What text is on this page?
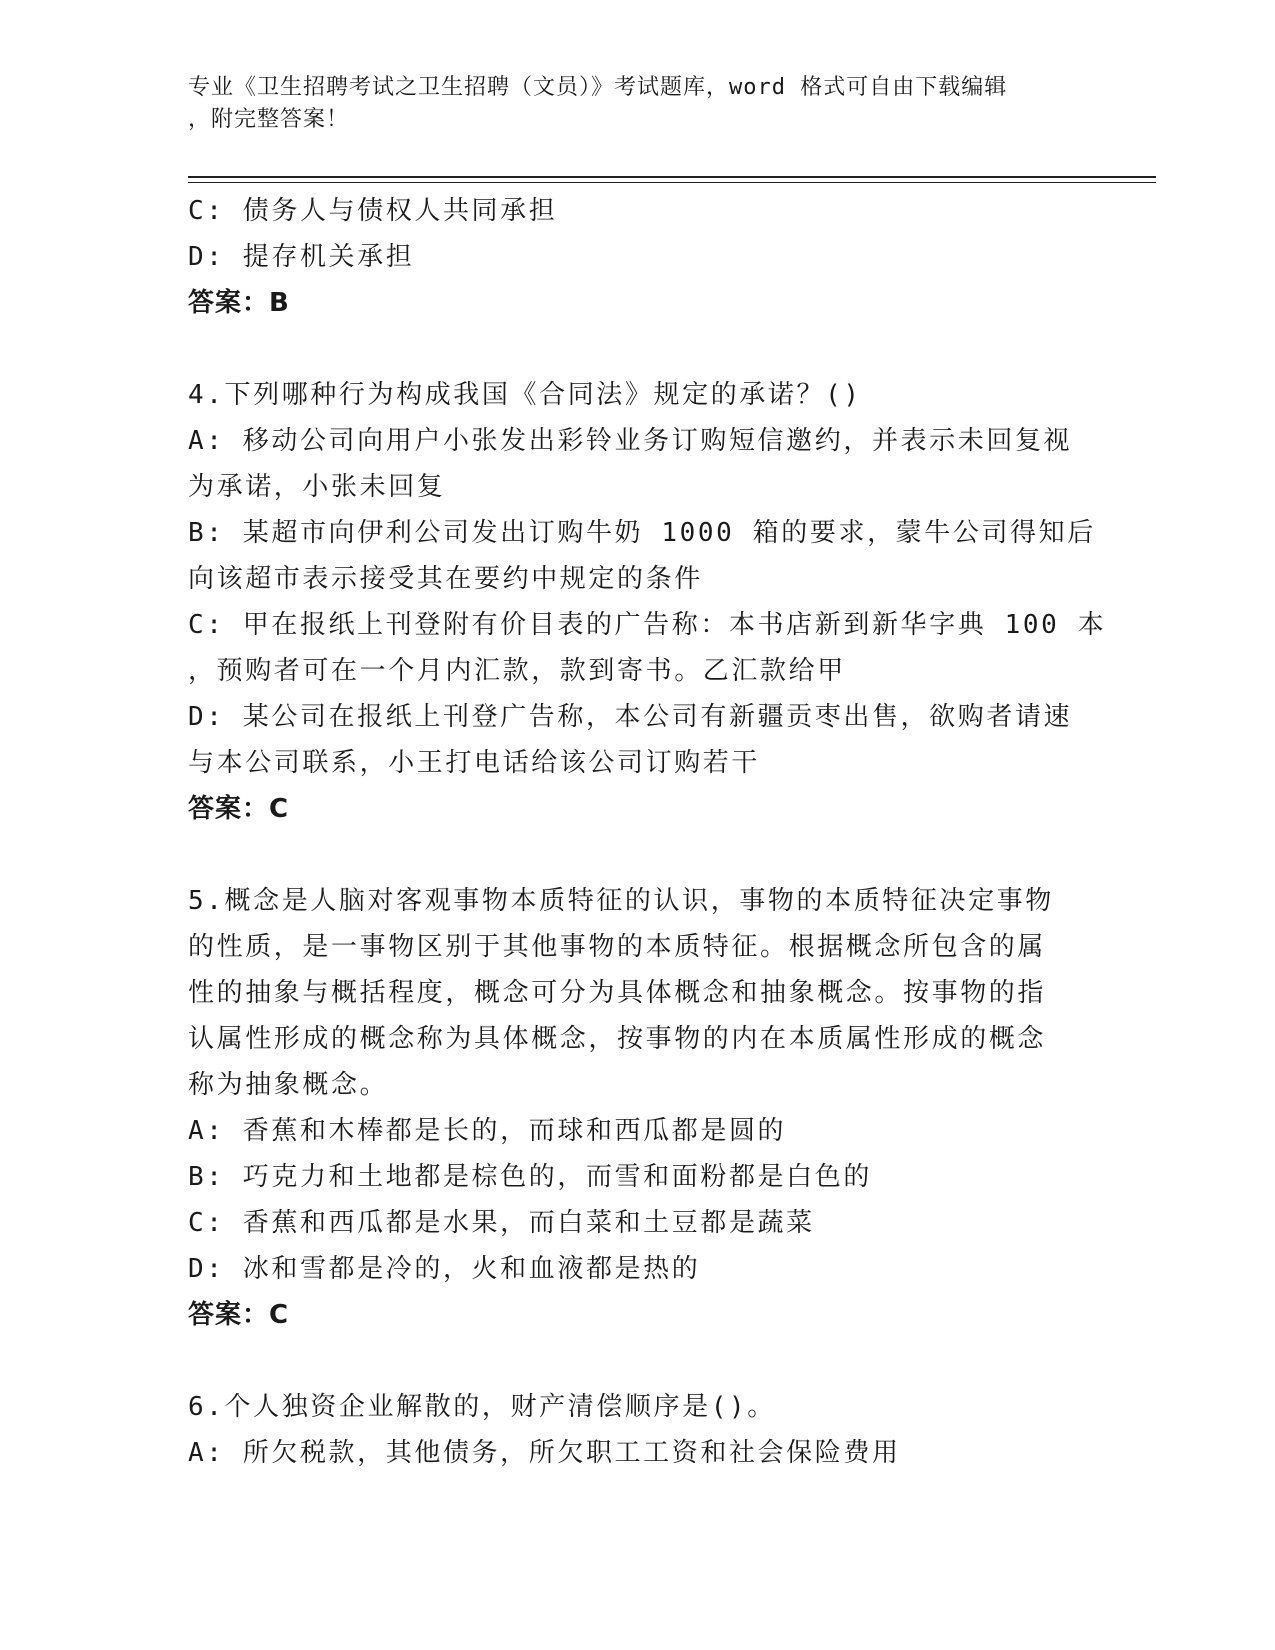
专业《卫生招聘考试之卫生招聘（文员）》考试题库，word 格式可自由下载编辑
，附完整答案！
C: 债务人与债权人共同承担
D: 提存机关承担
答案：B
4.下列哪种行为构成我国《合同法》规定的承诺？()
A: 移动公司向用户小张发出彩铃业务订购短信邀约，并表示未回复视
为承诺，小张未回复
B: 某超市向伊利公司发出订购牛奶 1000 箱的要求，蒙牛公司得知后
向该超市表示接受其在要约中规定的条件
C: 甲在报纸上刊登附有价目表的广告称：本书店新到新华字典 100 本
，预购者可在一个月内汇款，款到寄书。乙汇款给甲
D: 某公司在报纸上刊登广告称，本公司有新疆贡枣出售，欲购者请速
与本公司联系，小王打电话给该公司订购若干
答案：C
5.概念是人脑对客观事物本质特征的认识，事物的本质特征决定事物
的性质，是一事物区别于其他事物的本质特征。根据概念所包含的属
性的抽象与概括程度，概念可分为具体概念和抽象概念。按事物的指
认属性形成的概念称为具体概念，按事物的内在本质属性形成的概念
称为抽象概念。
A: 香蕉和木棒都是长的，而球和西瓜都是圆的
B: 巧克力和土地都是棕色的，而雪和面粉都是白色的
C: 香蕉和西瓜都是水果，而白菜和土豆都是蔬菜
D: 冰和雪都是冷的，火和血液都是热的
答案：C
6.个人独资企业解散的，财产清偿顺序是()。
A: 所欠税款，其他债务，所欠职工工资和社会保险费用
